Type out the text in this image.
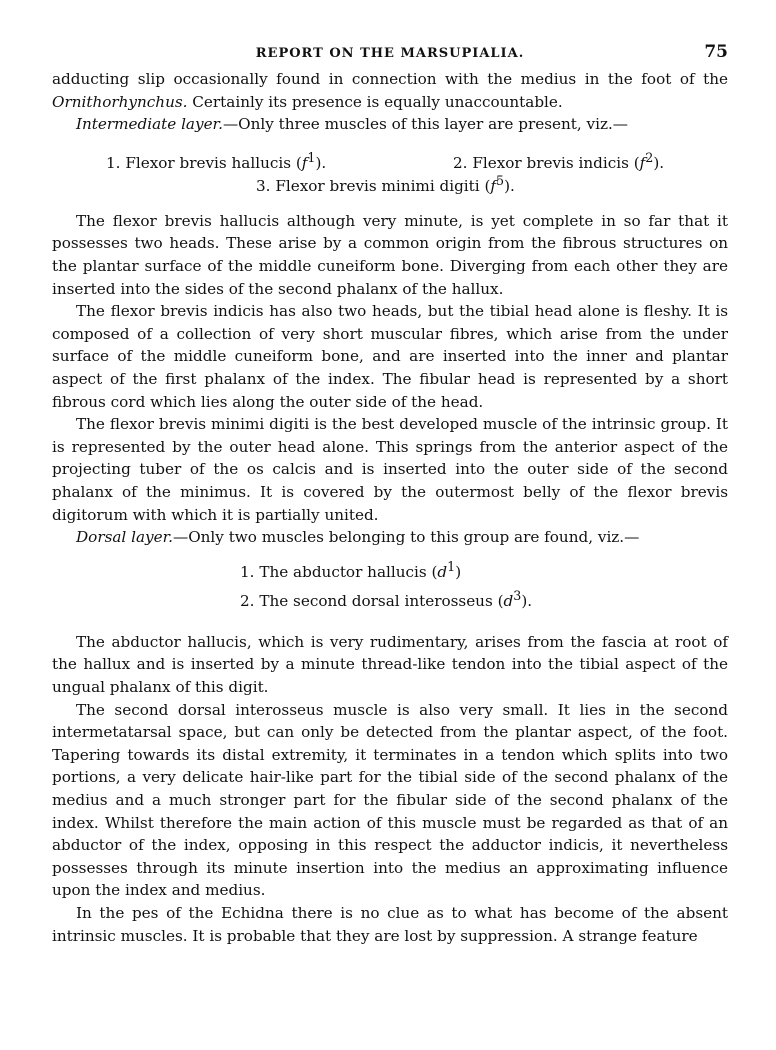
REPORT ON THE MARSUPIALIA.	75

adducting slip occasionally found in connection with the medius in the foot of the Ornithorhynchus. Certainly its presence is equally unaccountable.

Intermediate layer.—Only three muscles of this layer are present, viz.—

1. Flexor brevis hallucis $(f^1)$.	2. Flexor brevis indicis $(f^2)$.
3. Flexor brevis minimi digiti $(f^5)$.

The flexor brevis hallucis although very minute, is yet complete in so far that it possesses two heads. These arise by a common origin from the fibrous structures on the plantar surface of the middle cuneiform bone. Diverging from each other they are inserted into the sides of the second phalanx of the hallux.

The flexor brevis indicis has also two heads, but the tibial head alone is fleshy. It is composed of a collection of very short muscular fibres, which arise from the under surface of the middle cuneiform bone, and are inserted into the inner and plantar aspect of the first phalanx of the index. The fibular head is represented by a short fibrous cord which lies along the outer side of the head.

The flexor brevis minimi digiti is the best developed muscle of the intrinsic group. It is represented by the outer head alone. This springs from the anterior aspect of the projecting tuber of the os calcis and is inserted into the outer side of the second phalanx of the minimus. It is covered by the outermost belly of the flexor brevis digitorum with which it is partially united.

Dorsal layer.—Only two muscles belonging to this group are found, viz.—

1. The abductor hallucis $(d^1)$
2. The second dorsal interosseus $(d^3)$.

The abductor hallucis, which is very rudimentary, arises from the fascia at root of the hallux and is inserted by a minute thread-like tendon into the tibial aspect of the ungual phalanx of this digit.

The second dorsal interosseus muscle is also very small. It lies in the second intermetatarsal space, but can only be detected from the plantar aspect, of the foot. Tapering towards its distal extremity, it terminates in a tendon which splits into two portions, a very delicate hair-like part for the tibial side of the second phalanx of the medius and a much stronger part for the fibular side of the second phalanx of the index. Whilst therefore the main action of this muscle must be regarded as that of an abductor of the index, opposing in this respect the adductor indicis, it nevertheless possesses through its minute insertion into the medius an approximating influence upon the index and medius.

In the pes of the Echidna there is no clue as to what has become of the absent intrinsic muscles. It is probable that they are lost by suppression. A strange feature
